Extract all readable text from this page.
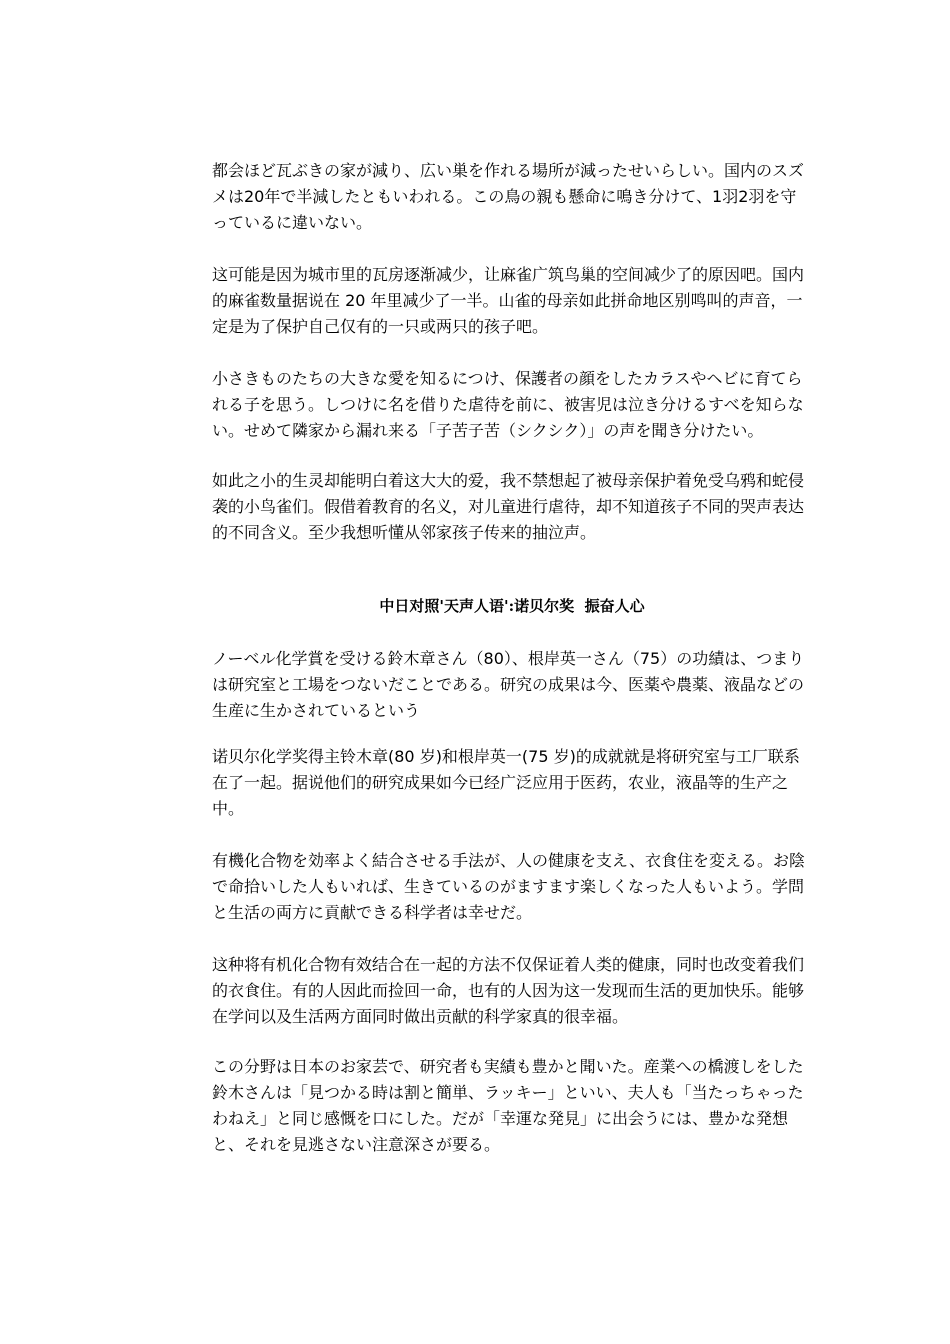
都会ほど瓦ぶきの家が減り、広い巣を作れる場所が減ったせいらしい。国内のスズメは20年で半減したともいわれる。この鳥の親も懸命に鳴き分けて、1羽2羽を守っているに違いない。

这可能是因为城市里的瓦房逐渐减少，让麻雀广筑鸟巢的空间减少了的原因吧。国内的麻雀数量据说在 20 年里减少了一半。山雀的母亲如此拼命地区别鸣叫的声音，一定是为了保护自己仅有的一只或两只的孩子吧。

小さきものたちの大きな愛を知るにつけ、保護者の顔をしたカラスやヘビに育てられる子を思う。しつけに名を借りた虐待を前に、被害児は泣き分けるすべを知らない。せめて隣家から漏れ来る「子苦子苦（シクシク）」の声を聞き分けたい。

如此之小的生灵却能明白着这大大的爱，我不禁想起了被母亲保护着免受乌鸦和蛇侵袭的小鸟雀们。假借着教育的名义，对儿童进行虐待，却不知道孩子不同的哭声表达的不同含义。至少我想听懂从邻家孩子传来的抽泣声。

中日对照'天声人语':诺贝尔奖  振奋人心

ノーベル化学賞を受ける鈴木章さん（80）、根岸英一さん（75）の功績は、つまりは研究室と工場をつないだことである。研究の成果は今、医薬や農薬、液晶などの生産に生かされているという

诺贝尔化学奖得主铃木章(80 岁)和根岸英一(75 岁)的成就就是将研究室与工厂联系在了一起。据说他们的研究成果如今已经广泛应用于医药，农业，液晶等的生产之中。

有機化合物を効率よく結合させる手法が、人の健康を支え、衣食住を変える。お陰で命拾いした人もいれば、生きているのがますます楽しくなった人もいよう。学問と生活の両方に貢献できる科学者は幸せだ。

这种将有机化合物有效结合在一起的方法不仅保证着人类的健康，同时也改变着我们的衣食住。有的人因此而捡回一命，也有的人因为这一发现而生活的更加快乐。能够在学问以及生活两方面同时做出贡献的科学家真的很幸福。

この分野は日本のお家芸で、研究者も実績も豊かと聞いた。産業への橋渡しをした鈴木さんは「見つかる時は割と簡単、ラッキー」といい、夫人も「当たっちゃったわねえ」と同じ感慨を口にした。だが「幸運な発見」に出会うには、豊かな発想と、それを見逃さない注意深さが要る。
